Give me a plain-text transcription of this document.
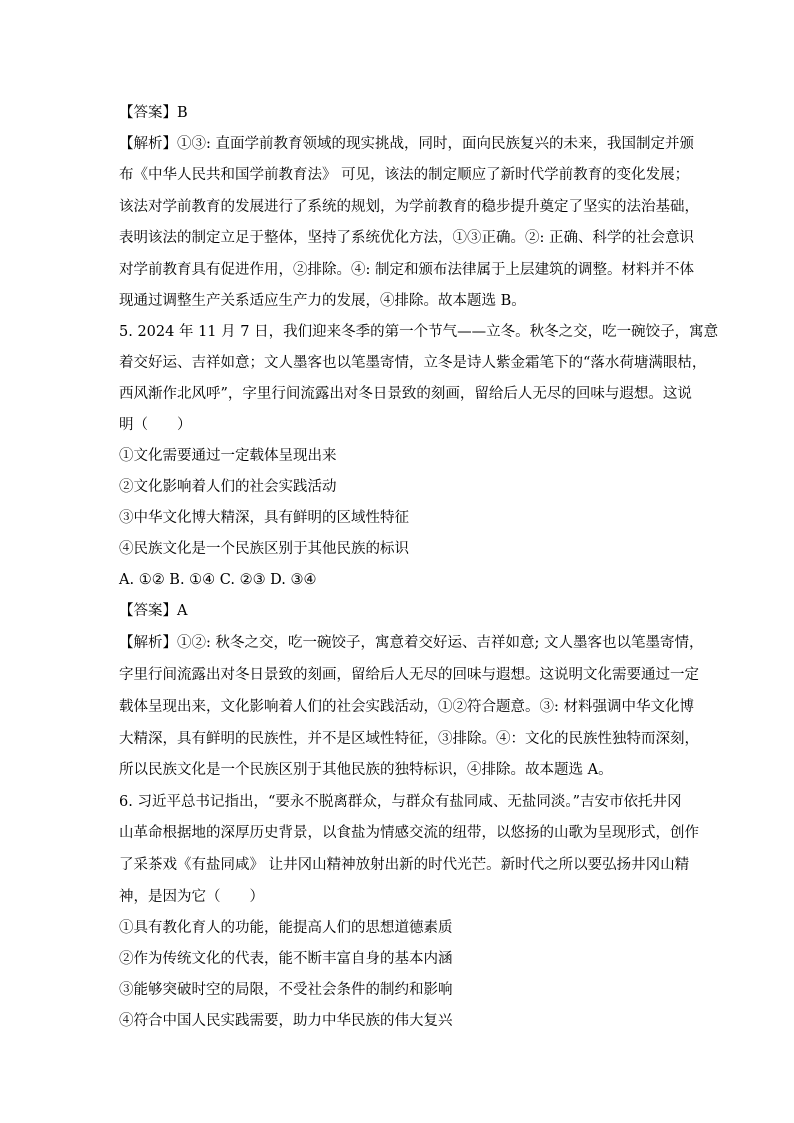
【答案】B
【解析】①③: 直面学前教育领域的现实挑战，同时，面向民族复兴的未来，我国制定并颁
布《中华人民共和国学前教育法》 可见，该法的制定顺应了新时代学前教育的变化发展；
该法对学前教育的发展进行了系统的规划，为学前教育的稳步提升奠定了坚实的法治基础，
表明该法的制定立足于整体，坚持了系统优化方法，①③正确。②: 正确、科学的社会意识
对学前教育具有促进作用，②排除。④: 制定和颁布法律属于上层建筑的调整。材料并不体
现通过调整生产关系适应生产力的发展，④排除。故本题选 B。
5. 2024 年 11 月 7 日，我们迎来冬季的第一个节气——立冬。秋冬之交，吃一碗饺子，寓意
着交好运、吉祥如意；文人墨客也以笔墨寄情，立冬是诗人紫金霜笔下的“落水荷塘满眼枯，
西风渐作北风呼”，字里行间流露出对冬日景致的刻画，留给后人无尽的回味与遐想。这说
明（　　）
①文化需要通过一定载体呈现出来
②文化影响着人们的社会实践活动
③中华文化博大精深，具有鲜明的区域性特征
④民族文化是一个民族区别于其他民族的标识
A. ①② B. ①④ C. ②③ D. ③④
【答案】A
【解析】①②: 秋冬之交，吃一碗饺子，寓意着交好运、吉祥如意; 文人墨客也以笔墨寄情，
字里行间流露出对冬日景致的刻画，留给后人无尽的回味与遐想。这说明文化需要通过一定
载体呈现出来，文化影响着人们的社会实践活动，①②符合题意。③: 材料强调中华文化博
大精深，具有鲜明的民族性，并不是区域性特征，③排除。④：文化的民族性独特而深刻，
所以民族文化是一个民族区别于其他民族的独特标识，④排除。故本题选 A。
6. 习近平总书记指出，“要永不脱离群众，与群众有盐同咸、无盐同淡。”吉安市依托井冈
山革命根据地的深厚历史背景，以食盐为情感交流的纽带，以悠扬的山歌为呈现形式，创作
了采茶戏《有盐同咸》 让井冈山精神放射出新的时代光芒。新时代之所以要弘扬井冈山精
神，是因为它（　　）
①具有教化育人的功能，能提高人们的思想道德素质
②作为传统文化的代表，能不断丰富自身的基本内涵
③能够突破时空的局限，不受社会条件的制约和影响
④符合中国人民实践需要，助力中华民族的伟大复兴
